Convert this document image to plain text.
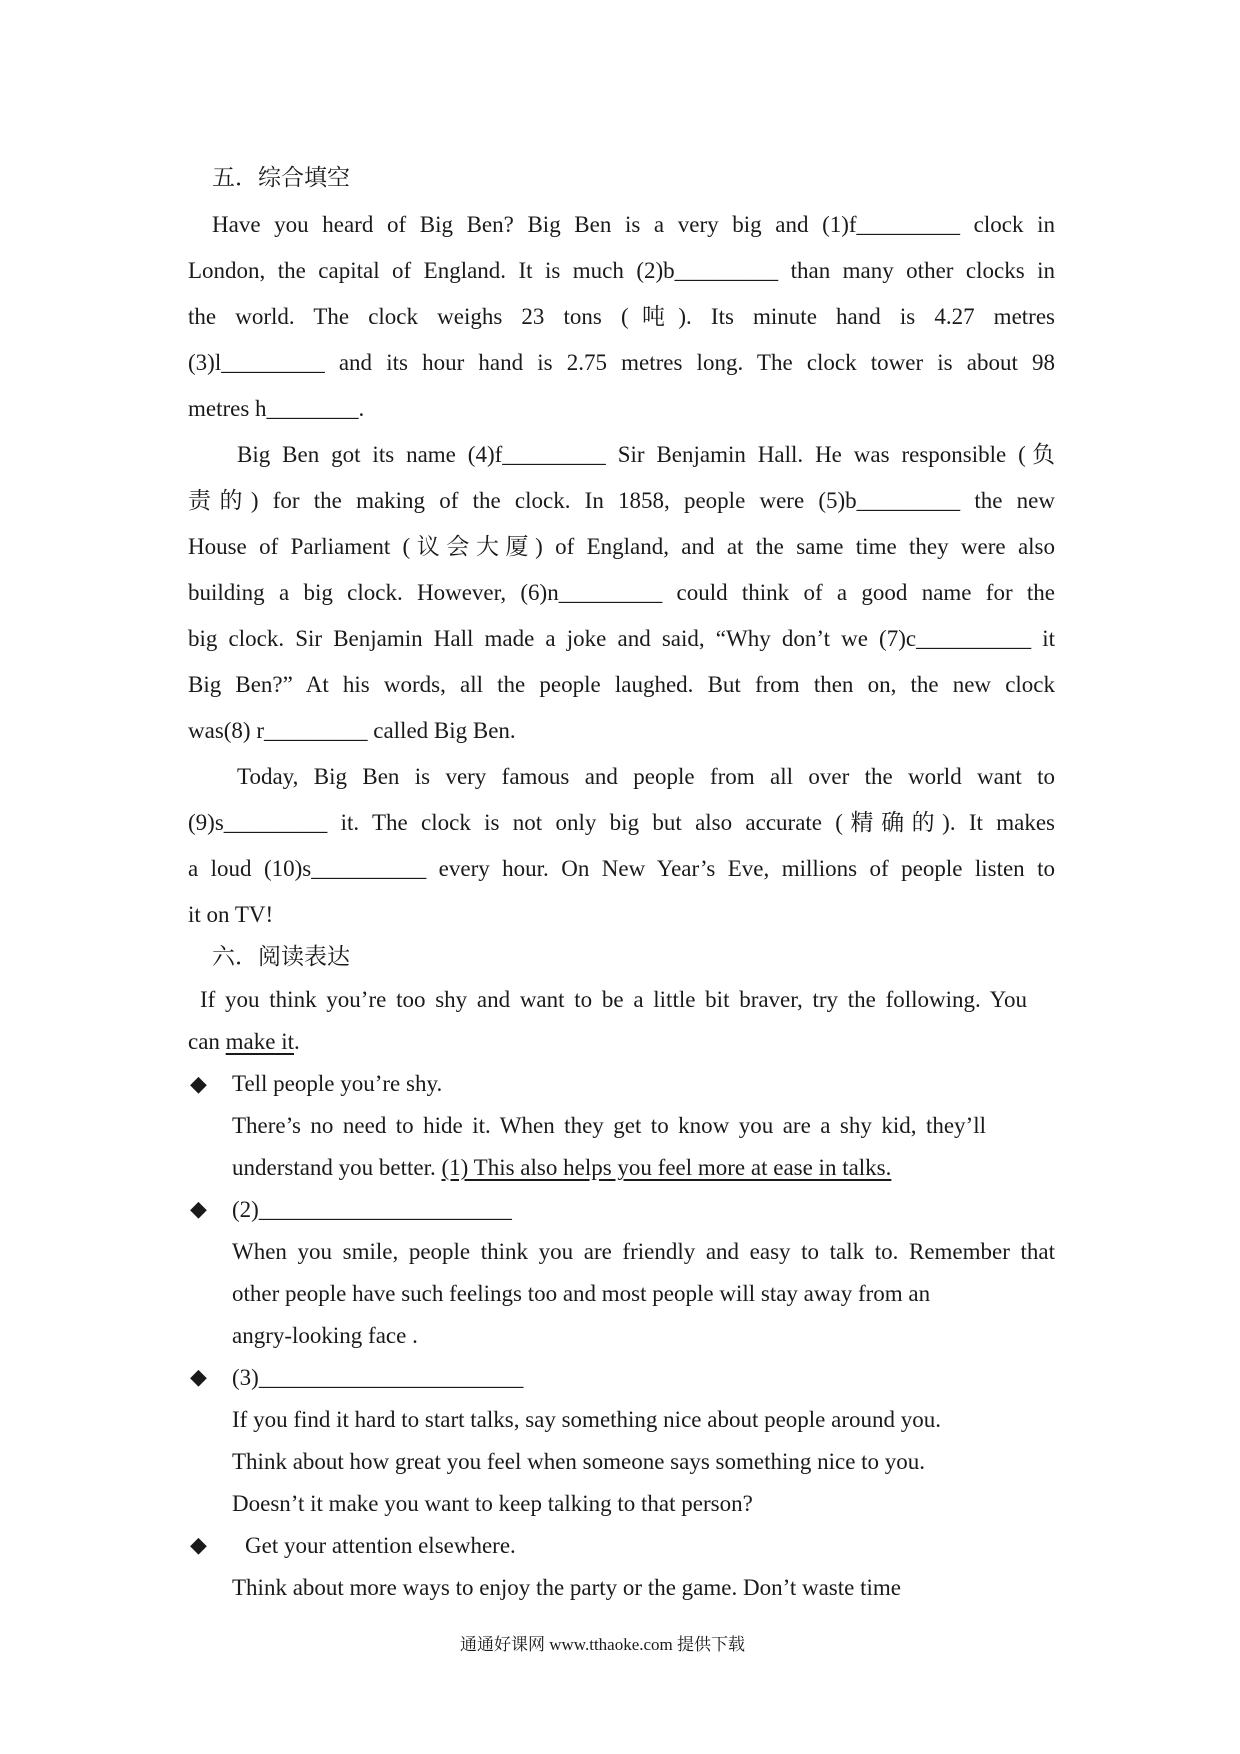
五．综合填空
Have you heard of Big Ben? Big Ben is a very big and (1)f_________ clock in
London, the capital of England. It is much (2)b_________ than many other clocks in
the world. The clock weighs 23 tons (吨). Its minute hand is 4.27 metres
(3)l_________ and its hour hand is 2.75 metres long. The clock tower is about 98
metres h________.
Big Ben got its name (4)f_________ Sir Benjamin Hall. He was responsible (负
责的) for the making of the clock. In 1858, people were (5)b_________ the new
House of Parliament (议会大厦) of England, and at the same time they were also
building a big clock. However, (6)n_________ could think of a good name for the
big clock. Sir Benjamin Hall made a joke and said, “Why don’t we (7)c__________ it
Big Ben?” At his words, all the people laughed. But from then on, the new clock
was(8) r_________ called Big Ben.
Today, Big Ben is very famous and people from all over the world want to
(9)s_________ it. The clock is not only big but also accurate (精确的). It makes
a loud (10)s__________ every hour. On New Year’s Eve, millions of people listen to
it on TV!
六．阅读表达
If you think you’re too shy and want to be a little bit braver, try the following. You
can make it.
◆ Tell people you’re shy.
There’s no need to hide it. When they get to know you are a shy kid, they’ll
understand you better. (1) This also helps you feel more at ease in talks.
◆ (2)______________________
When you smile, people think you are friendly and easy to talk to. Remember that
other people have such feelings too and most people will stay away from an
angry-looking face .
◆ (3)_______________________
If you find it hard to start talks, say something nice about people around you.
Think about how great you feel when someone says something nice to you.
Doesn’t it make you want to keep talking to that person?
◆ Get your attention elsewhere.
Think about more ways to enjoy the party or the game. Don’t waste time
通通好课网 www.tthaoke.com 提供下载
